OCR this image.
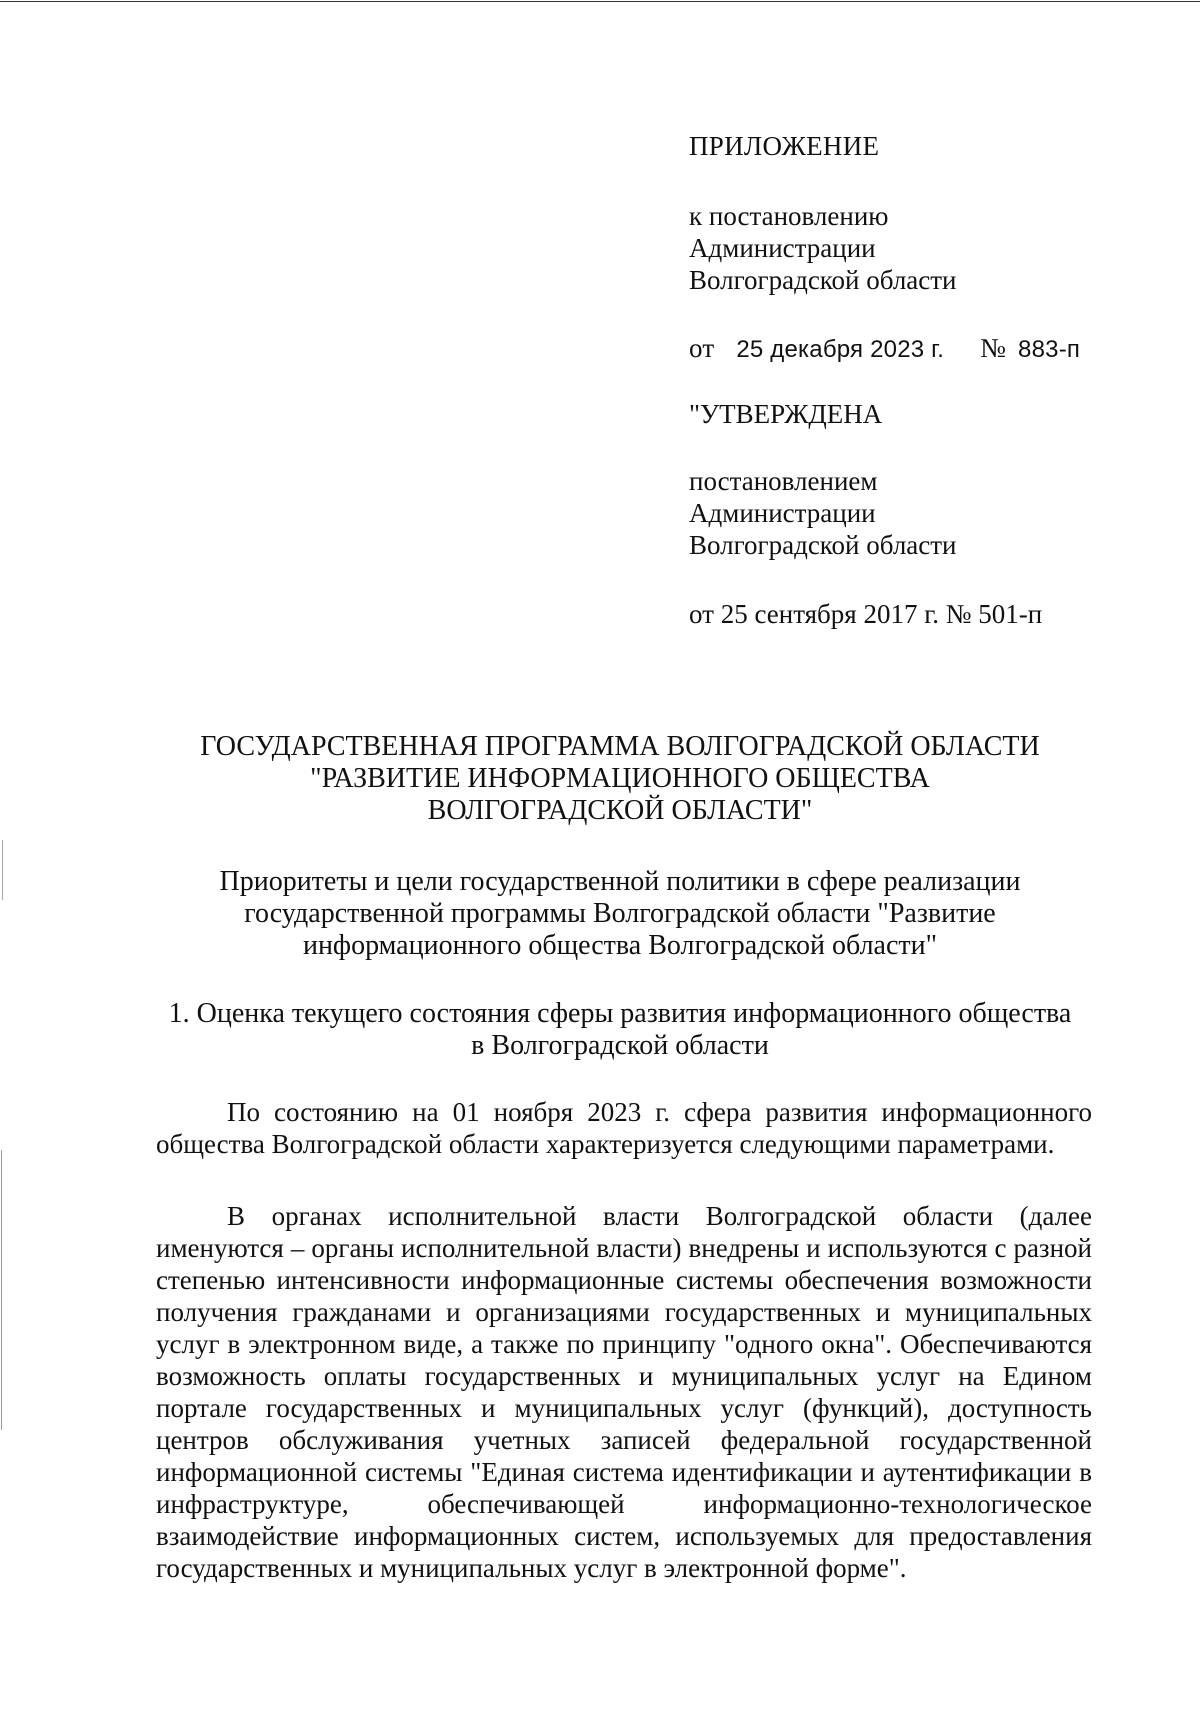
ПРИЛОЖЕНИЕ
к постановлению
Администрации
Волгоградской области
от 25 декабря 2023 г. № 883-п
"УТВЕРЖДЕНА
постановлением
Администрации
Волгоградской области
от 25 сентября 2017 г. № 501-п
ГОСУДАРСТВЕННАЯ ПРОГРАММА ВОЛГОГРАДСКОЙ ОБЛАСТИ
"РАЗВИТИЕ ИНФОРМАЦИОННОГО ОБЩЕСТВА
ВОЛГОГРАДСКОЙ ОБЛАСТИ"
Приоритеты и цели государственной политики в сфере реализации
государственной программы Волгоградской области "Развитие
информационного общества Волгоградской области"
1. Оценка текущего состояния сферы развития информационного общества
в Волгоградской области

По состоянию на 01 ноября 2023 г. сфера развития информационного общества Волгоградской области характеризуется следующими параметрами.

В органах исполнительной власти Волгоградской области (далее именуются – органы исполнительной власти) внедрены и используются с разной степенью интенсивности информационные системы обеспечения возможности получения гражданами и организациями государственных и муниципальных услуг в электронном виде, а также по принципу "одного окна". Обеспечиваются возможность оплаты государственных и муниципальных услуг на Едином портале государственных и муниципальных услуг (функций), доступность центров обслуживания учетных записей федеральной государственной информационной системы "Единая система идентификации и аутентификации в инфраструктуре, обеспечивающей информационно-технологическое взаимодействие информационных систем, используемых для предоставления государственных и муниципальных услуг в электронной форме".
